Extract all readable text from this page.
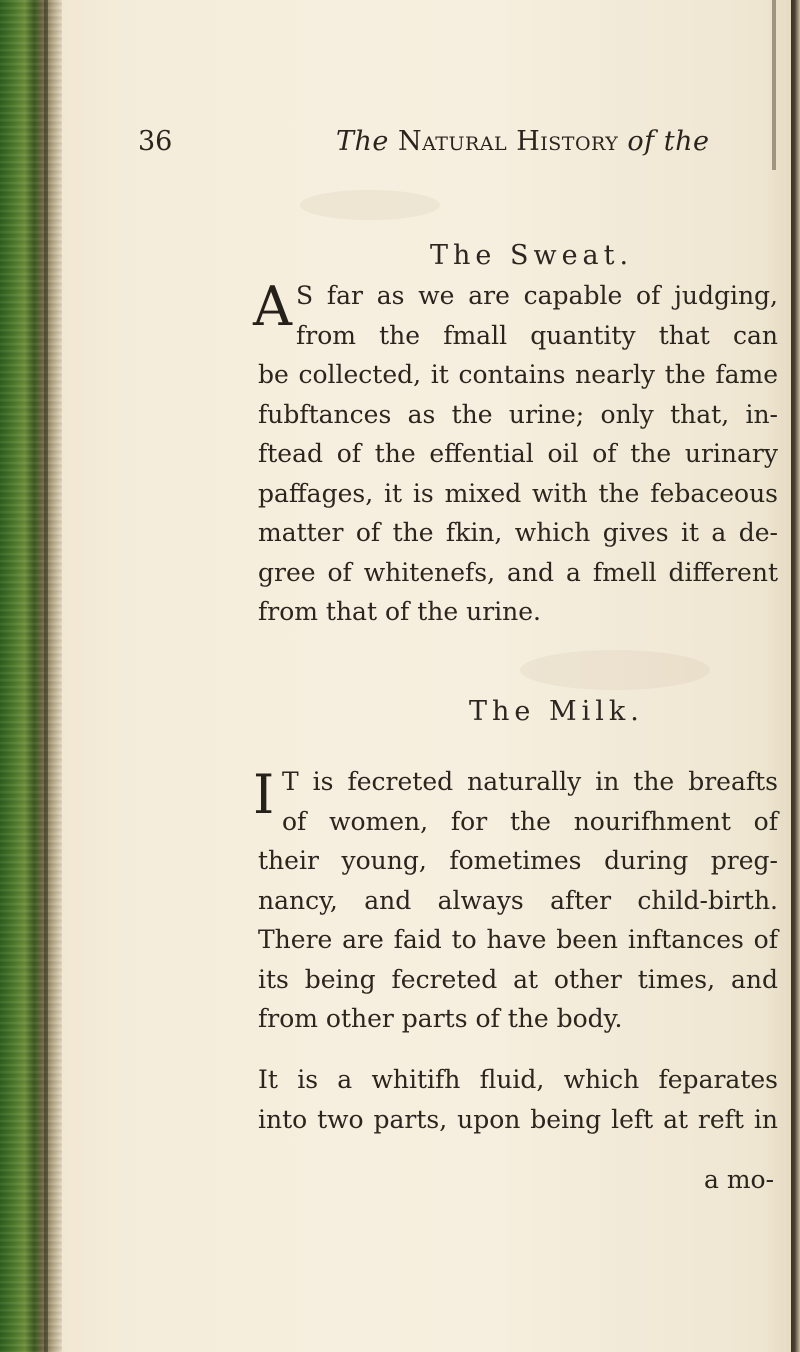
36	The Natural History of the
The Sweat.
A S far as we are capable of judging,
from the fmall quantity that can
be collected, it contains nearly the fame
fubftances as the urine; only that, in-
ftead of the effential oil of the urinary
paffages, it is mixed with the febaceous
matter of the fkin, which gives it a de-
gree of whitenefs, and a fmell different
from that of the urine.
The Milk.
I T is fecreted naturally in the breafts
of women, for the nourifhment of
their young, fometimes during preg-
nancy, and always after child-birth.
There are faid to have been inftances of
its being fecreted at other times, and
from other parts of the body.
It is a whitifh fluid, which feparates
into two parts, upon being left at reft in
a mo-
